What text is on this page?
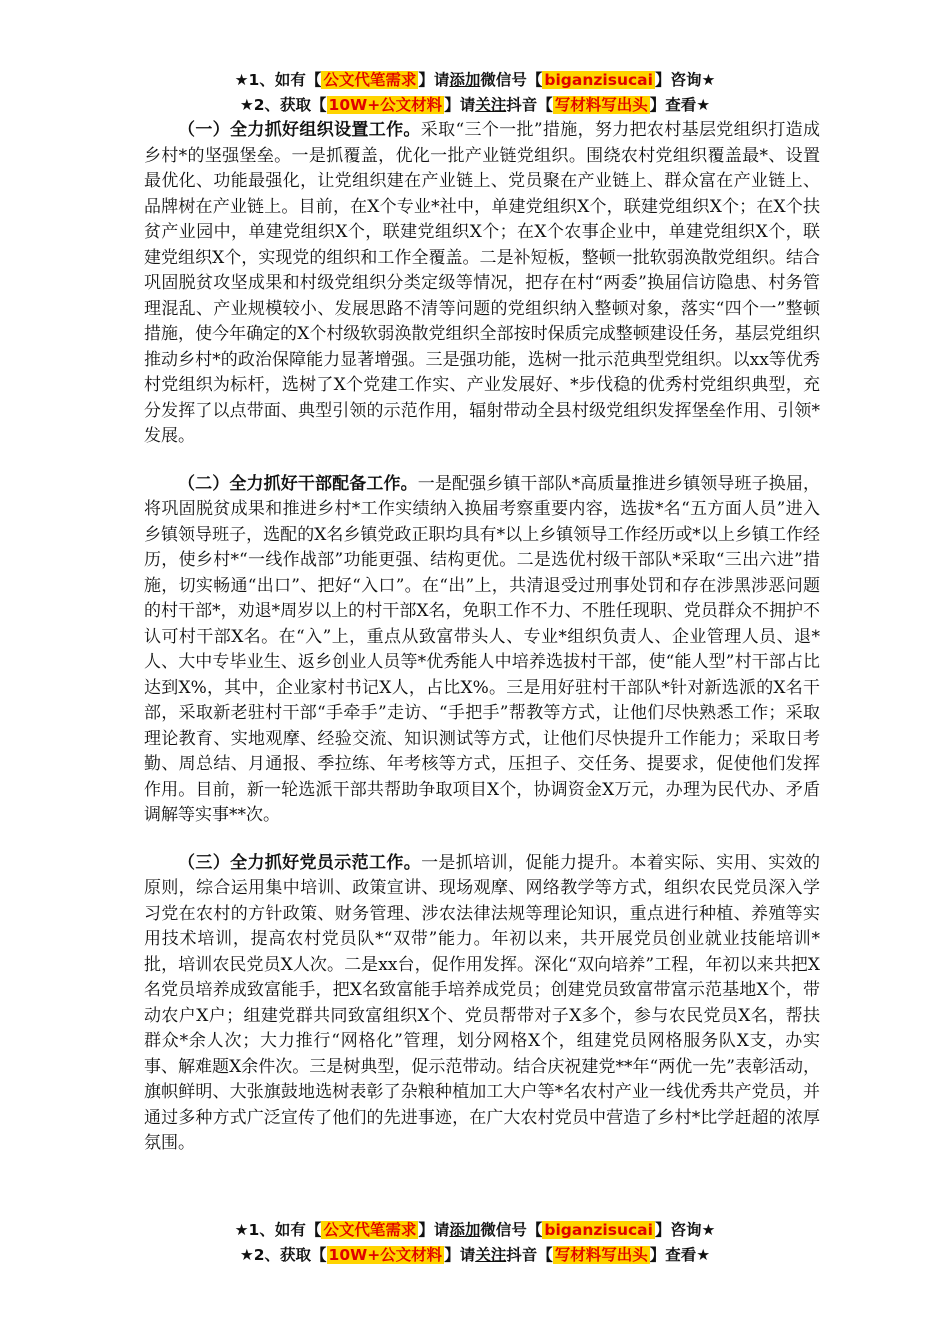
★1、如有【 公文代笔需求 】请添加微信号【 biganzisucai 】咨询★
★2、获取【 10W+公文材料 】请关注抖音【 写材料写出头 】查看★

（一）全力抓好组织设置工作。采取“三个一批”措施，努力把农村基层党组织打造成乡村*的坚强堡垒。一是抓覆盖，优化一批产业链党组织。围绕农村党组织覆盖最*、设置最优化、功能最强化，让党组织建在产业链上、党员聚在产业链上、群众富在产业链上、品牌树在产业链上。目前，在X个专业*社中，单建党组织X个，联建党组织X个；在X个扶贫产业园中，单建党组织X个，联建党组织X个；在X个农事企业中，单建党组织X个，联建党组织X个，实现党的组织和工作全覆盖。二是补短板，整顿一批软弱涣散党组织。结合巩固脱贫攻坚成果和村级党组织分类定级等情况，把存在村“两委”换届信访隐患、村务管理混乱、产业规模较小、发展思路不清等问题的党组织纳入整顿对象，落实“四个一”整顿措施，使今年确定的X个村级软弱涣散党组织全部按时保质完成整顿建设任务，基层党组织推动乡村*的政治保障能力显著增强。三是强功能，选树一批示范典型党组织。以xx等优秀村党组织为标杆，选树了X个党建工作实、产业发展好、*步伐稳的优秀村党组织典型，充分发挥了以点带面、典型引领的示范作用，辐射带动全县村级党组织发挥堡垒作用、引领*发展。

（二）全力抓好干部配备工作。一是配强乡镇干部队*高质量推进乡镇领导班子换届，将巩固脱贫成果和推进乡村*工作实绩纳入换届考察重要内容，选拔*名“五方面人员”进入乡镇领导班子，选配的X名乡镇党政正职均具有*以上乡镇领导工作经历或*以上乡镇工作经历，使乡村*“一线作战部”功能更强、结构更优。二是选优村级干部队*采取“三出六进”措施，切实畅通“出口”、把好“入口”。在“出”上，共清退受过刑事处罚和存在涉黑涉恶问题的村干部*，劝退*周岁以上的村干部X名，免职工作不力、不胜任现职、党员群众不拥护不认可村干部X名。在“入”上，重点从致富带头人、专业*组织负责人、企业管理人员、退*人、大中专毕业生、返乡创业人员等*优秀能人中培养选拔村干部，使“能人型”村干部占比达到X%，其中，企业家村书记X人，占比X%。三是用好驻村干部队*针对新选派的X名干部，采取新老驻村干部“手牵手”走访、“手把手”帮教等方式，让他们尽快熟悉工作；采取理论教育、实地观摩、经验交流、知识测试等方式，让他们尽快提升工作能力；采取日考勤、周总结、月通报、季拉练、年考核等方式，压担子、交任务、提要求，促使他们发挥作用。目前，新一轮选派干部共帮助争取项目X个，协调资金X万元，办理为民代办、矛盾调解等实事**次。

（三）全力抓好党员示范工作。一是抓培训，促能力提升。本着实际、实用、实效的原则，综合运用集中培训、政策宣讲、现场观摩、网络教学等方式，组织农民党员深入学习党在农村的方针政策、财务管理、涉农法律法规等理论知识，重点进行种植、养殖等实用技术培训，提高农村党员队*“双带”能力。年初以来，共开展党员创业就业技能培训*批，培训农民党员X人次。二是xx台，促作用发挥。深化“双向培养”工程，年初以来共把X名党员培养成致富能手，把X名致富能手培养成党员；创建党员致富带富示范基地X个，带动农户X户；组建党群共同致富组织X个、党员帮带对子X多个，参与农民党员X名，帮扶群众*余人次；大力推行“网格化”管理，划分网格X个，组建党员网格服务队X支，办实事、解难题X余件次。三是树典型，促示范带动。结合庆祝建党**年“两优一先”表彰活动，旗帜鲜明、大张旗鼓地选树表彰了杂粮种植加工大户等*名农村产业一线优秀共产党员，并通过多种方式广泛宣传了他们的先进事迹，在广大农村党员中营造了乡村*比学赶超的浓厚氛围。

★1、如有【 公文代笔需求 】请添加微信号【 biganzisucai 】咨询★
★2、获取【 10W+公文材料 】请关注抖音【 写材料写出头 】查看★
